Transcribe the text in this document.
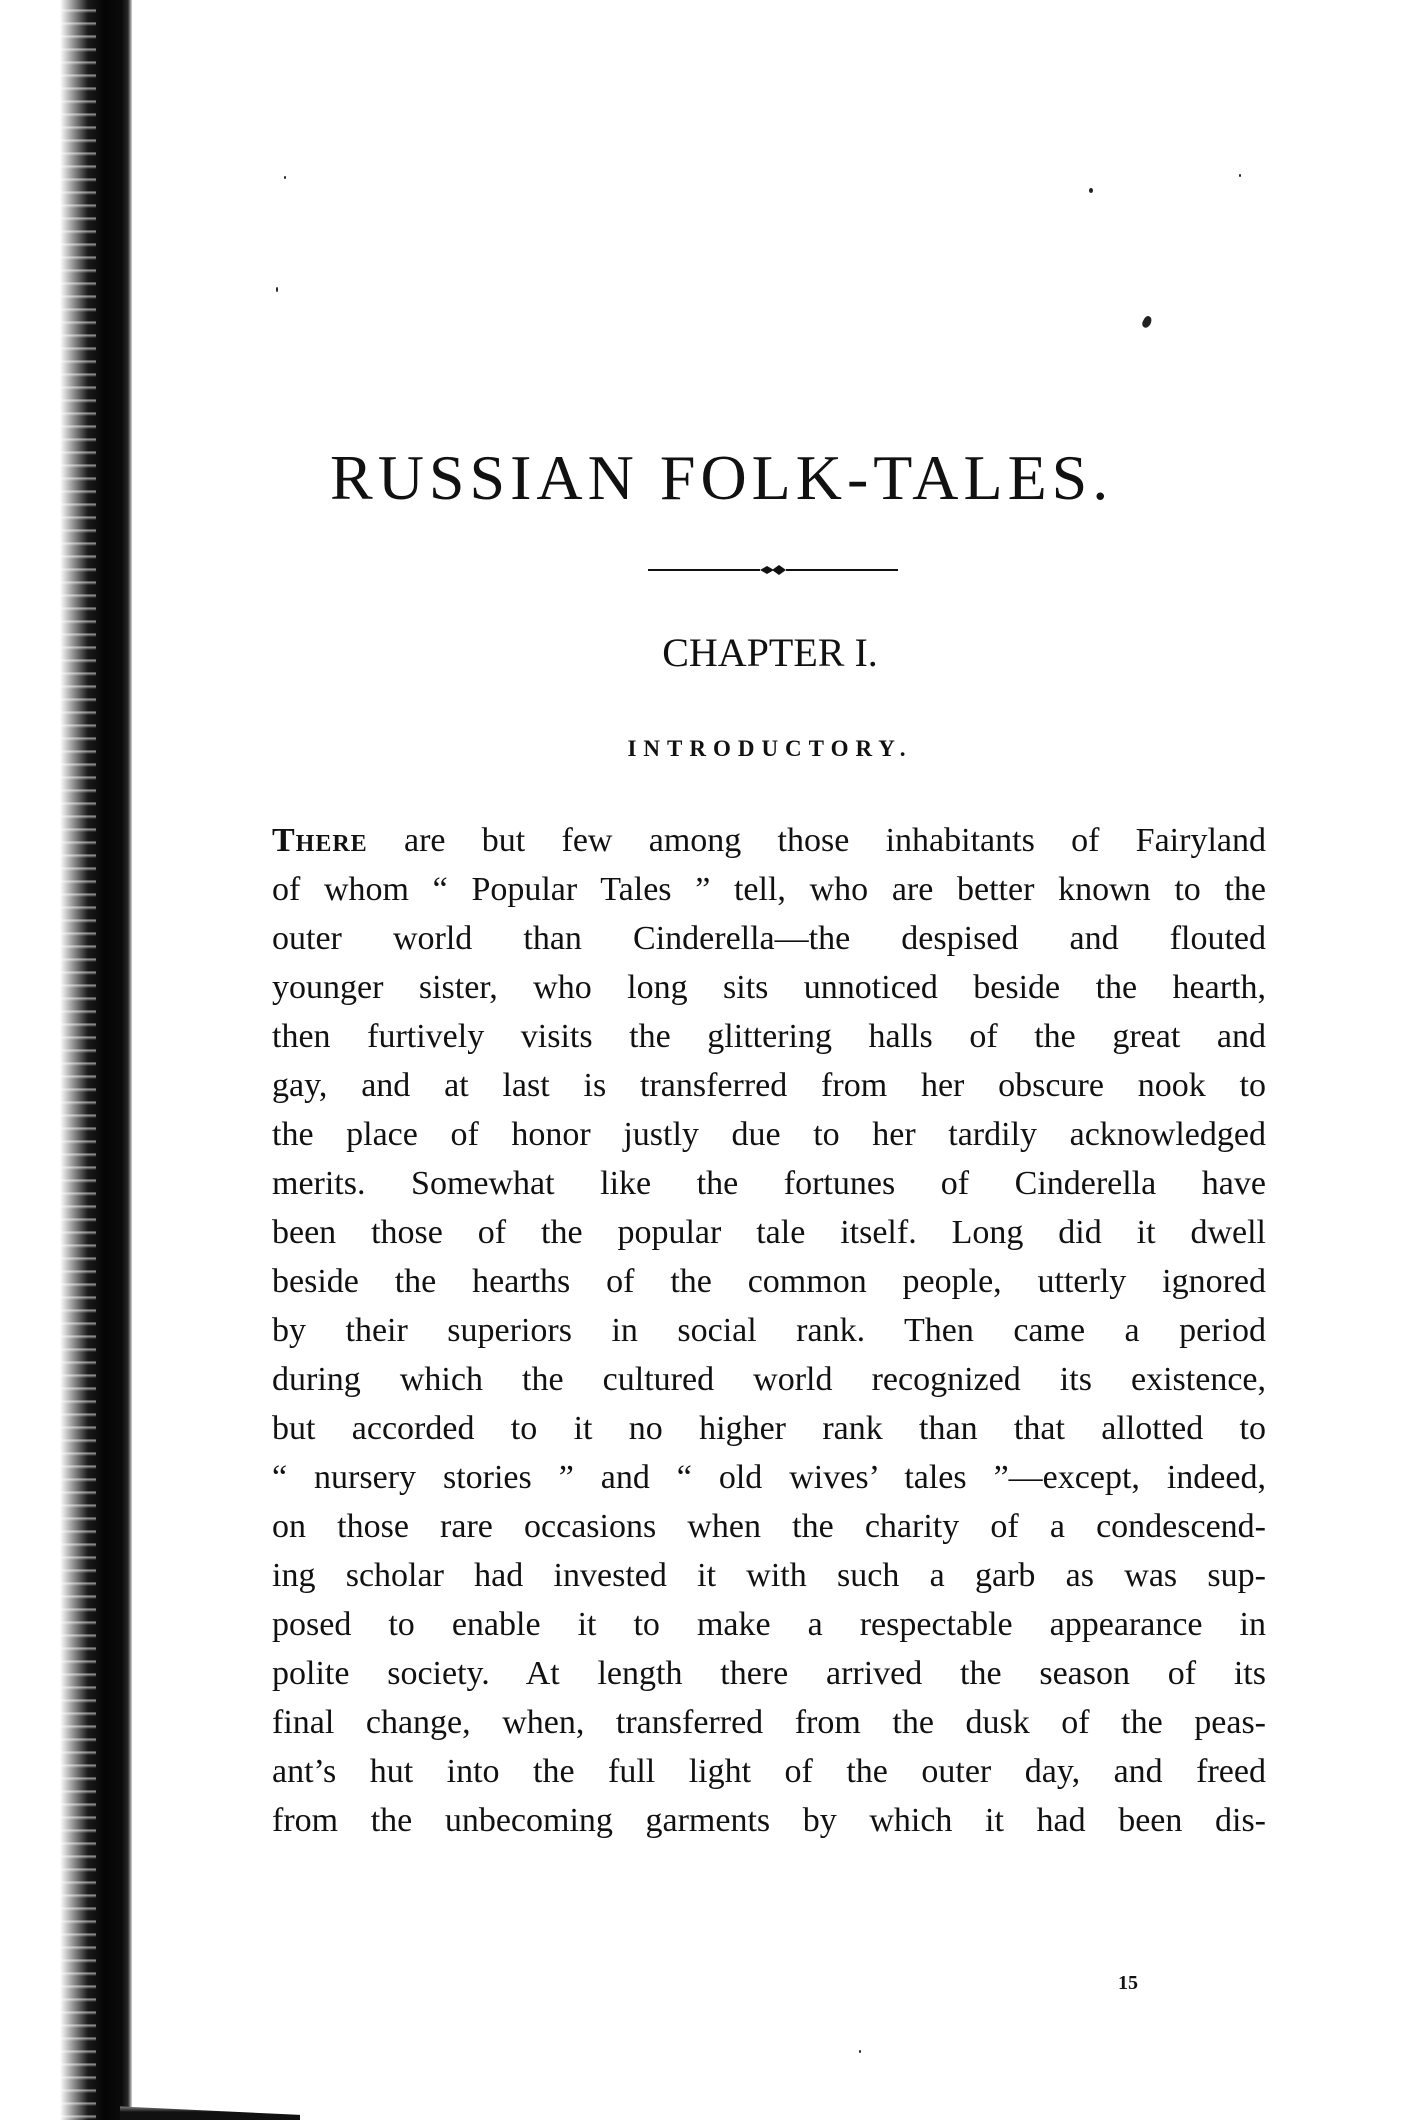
RUSSIAN FOLK-TALES.
CHAPTER I.
INTRODUCTORY.
There are but few among those inhabitants of Fairyland
of whom “ Popular Tales ” tell, who are better known to the
outer world than Cinderella—the despised and flouted
younger sister, who long sits unnoticed beside the hearth,
then furtively visits the glittering halls of the great and
gay, and at last is transferred from her obscure nook to
the place of honor justly due to her tardily acknowledged
merits. Somewhat like the fortunes of Cinderella have
been those of the popular tale itself. Long did it dwell
beside the hearths of the common people, utterly ignored
by their superiors in social rank. Then came a period
during which the cultured world recognized its existence,
but accorded to it no higher rank than that allotted to
“ nursery stories ” and “ old wives’ tales ”—except, indeed,
on those rare occasions when the charity of a condescend-
ing scholar had invested it with such a garb as was sup-
posed to enable it to make a respectable appearance in
polite society. At length there arrived the season of its
final change, when, transferred from the dusk of the peas-
ant’s hut into the full light of the outer day, and freed
from the unbecoming garments by which it had been dis-
15
